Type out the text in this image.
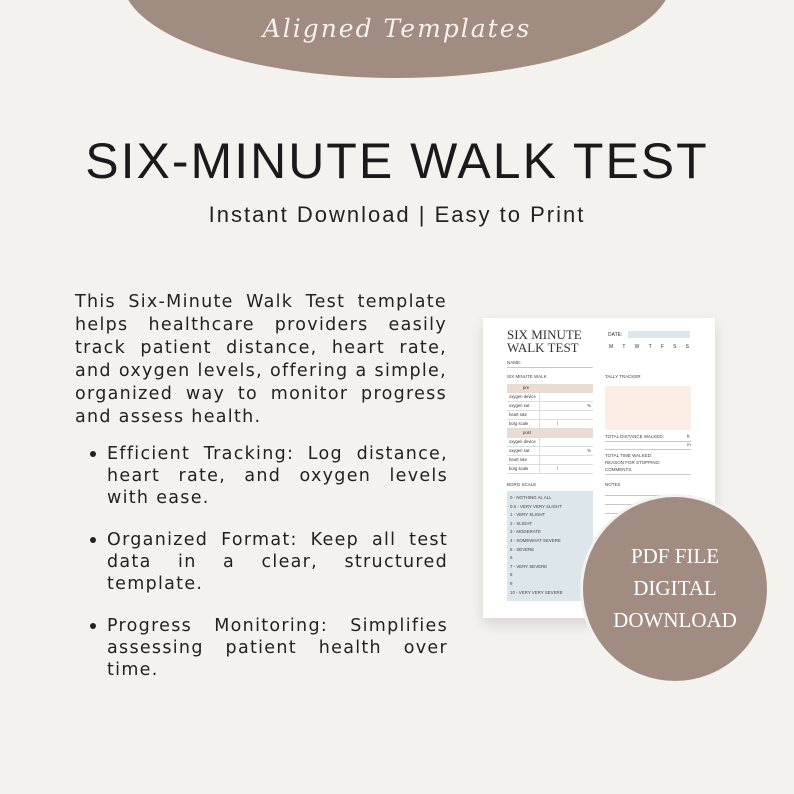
Aligned Templates
SIX-MINUTE WALK TEST
Instant Download | Easy to Print
This Six-Minute Walk Test template helps healthcare providers easily track patient distance, heart rate, and oxygen levels, offering a simple, organized way to monitor progress and assess health.
Efficient Tracking: Log distance, heart rate, and oxygen levels with ease.
Organized Format: Keep all test data in a clear, structured template.
Progress Monitoring: Simplifies assessing patient health over time.
SIX MINUTE
WALK TEST
DATE:
M T W T F S S
NAME:
SIX MINUTE WALK	TALLY TRACKER
pre
oxygen device
oxygen sat	%
heart rate
borg scale	/
post
oxygen device
oxygen sat	%
heart rate
borg scale	/
TOTAL DISTANCE WALKED:	ft
m
TOTAL TIME WALKED:
REASON FOR STOPPING:
COMMENTS:
BORG SCALE	NOTES
0 - NOTHING AL ALL
0.5 - VERY VERY SLIGHT
1 - VERY SLIGHT
2 - SLIGHT
3 - MODERATE
4 - SOMEWHAT SEVERE
5 - SEVERE
6
7 - VERY SEVERE
8
9
10 - VERY VERY SEVERE
PDF FILE
DIGITAL
DOWNLOAD
